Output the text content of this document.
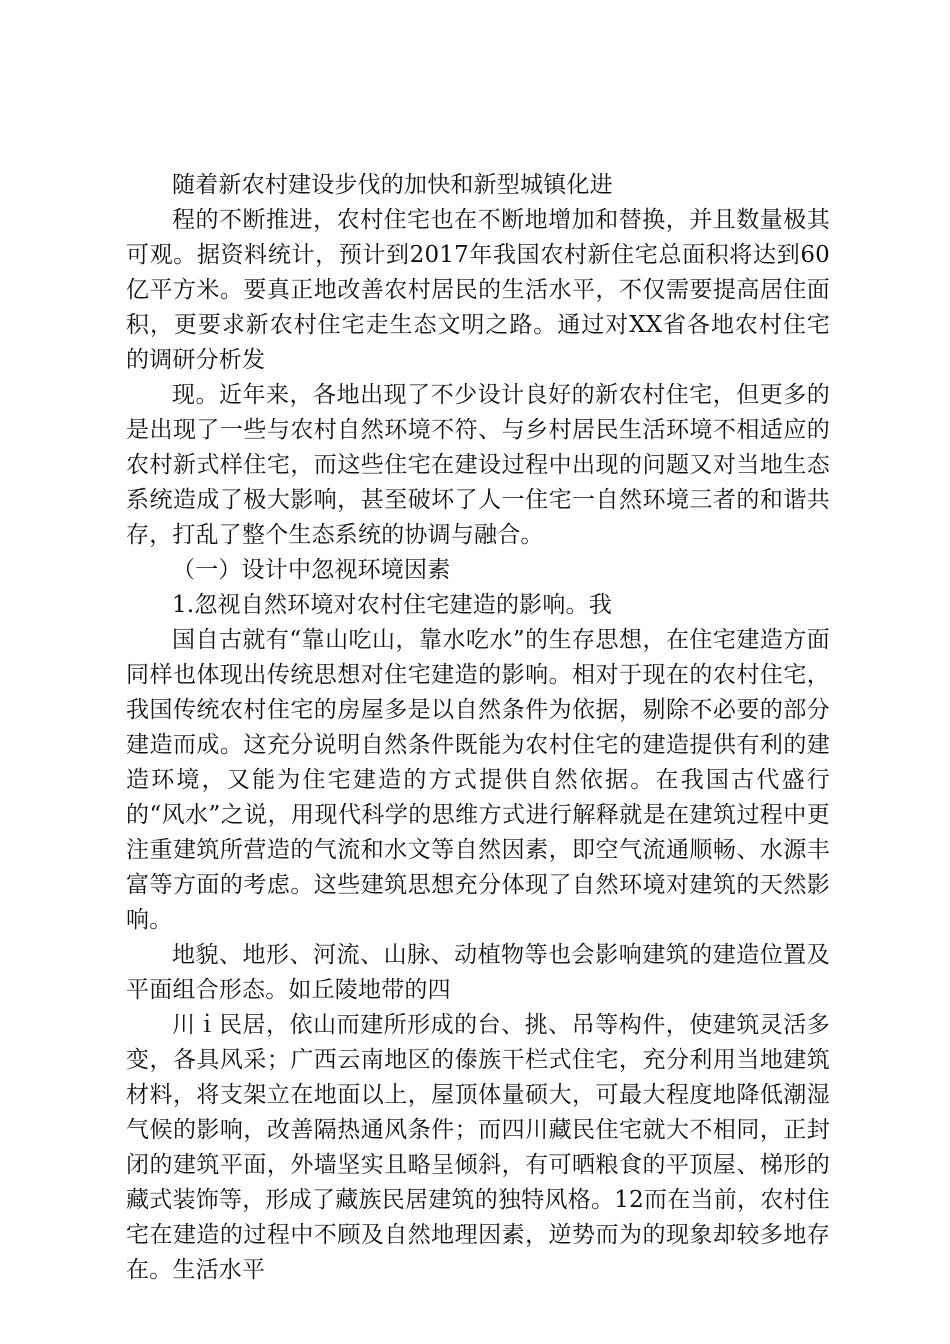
随着新农村建设步伐的加快和新型城镇化进

程的不断推进，农村住宅也在不断地增加和替换，并且数量极其可观。据资料统计，预计到2017年我国农村新住宅总面积将达到60亿平方米。要真正地改善农村居民的生活水平，不仅需要提高居住面积，更要求新农村住宅走生态文明之路。通过对XX省各地农村住宅的调研分析发

现。近年来，各地出现了不少设计良好的新农村住宅，但更多的是出现了一些与农村自然环境不符、与乡村居民生活环境不相适应的农村新式样住宅，而这些住宅在建设过程中出现的问题又对当地生态系统造成了极大影响，甚至破坏了人一住宅一自然环境三者的和谐共存，打乱了整个生态系统的协调与融合。

（一）设计中忽视环境因素

1.忽视自然环境对农村住宅建造的影响。我

国自古就有“靠山吃山，靠水吃水”的生存思想，在住宅建造方面同样也体现出传统思想对住宅建造的影响。相对于现在的农村住宅，我国传统农村住宅的房屋多是以自然条件为依据，剔除不必要的部分建造而成。这充分说明自然条件既能为农村住宅的建造提供有利的建造环境，又能为住宅建造的方式提供自然依据。在我国古代盛行的“风水”之说，用现代科学的思维方式进行解释就是在建筑过程中更注重建筑所营造的气流和水文等自然因素，即空气流通顺畅、水源丰富等方面的考虑。这些建筑思想充分体现了自然环境对建筑的天然影响。

地貌、地形、河流、山脉、动植物等也会影响建筑的建造位置及平面组合形态。如丘陵地带的四

川ｉ民居，依山而建所形成的台、挑、吊等构件，使建筑灵活多变，各具风采；广西云南地区的傣族干栏式住宅，充分利用当地建筑材料，将支架立在地面以上，屋顶体量硕大，可最大程度地降低潮湿气候的影响，改善隔热通风条件；而四川藏民住宅就大不相同，正封闭的建筑平面，外墙坚实且略呈倾斜，有可晒粮食的平顶屋、梯形的藏式装饰等，形成了藏族民居建筑的独特风格。12而在当前，农村住宅在建造的过程中不顾及自然地理因素，逆势而为的现象却较多地存在。生活水平
